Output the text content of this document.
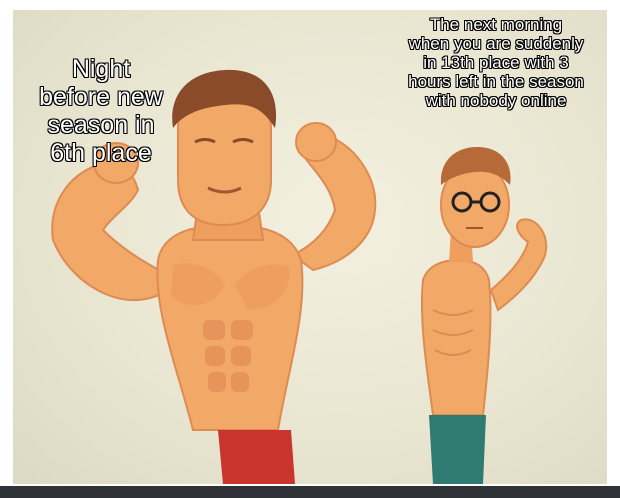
Night
before new
season in
6th place
The next morning
when you are suddenly
in 13th place with 3
hours left in the season
with nobody online
